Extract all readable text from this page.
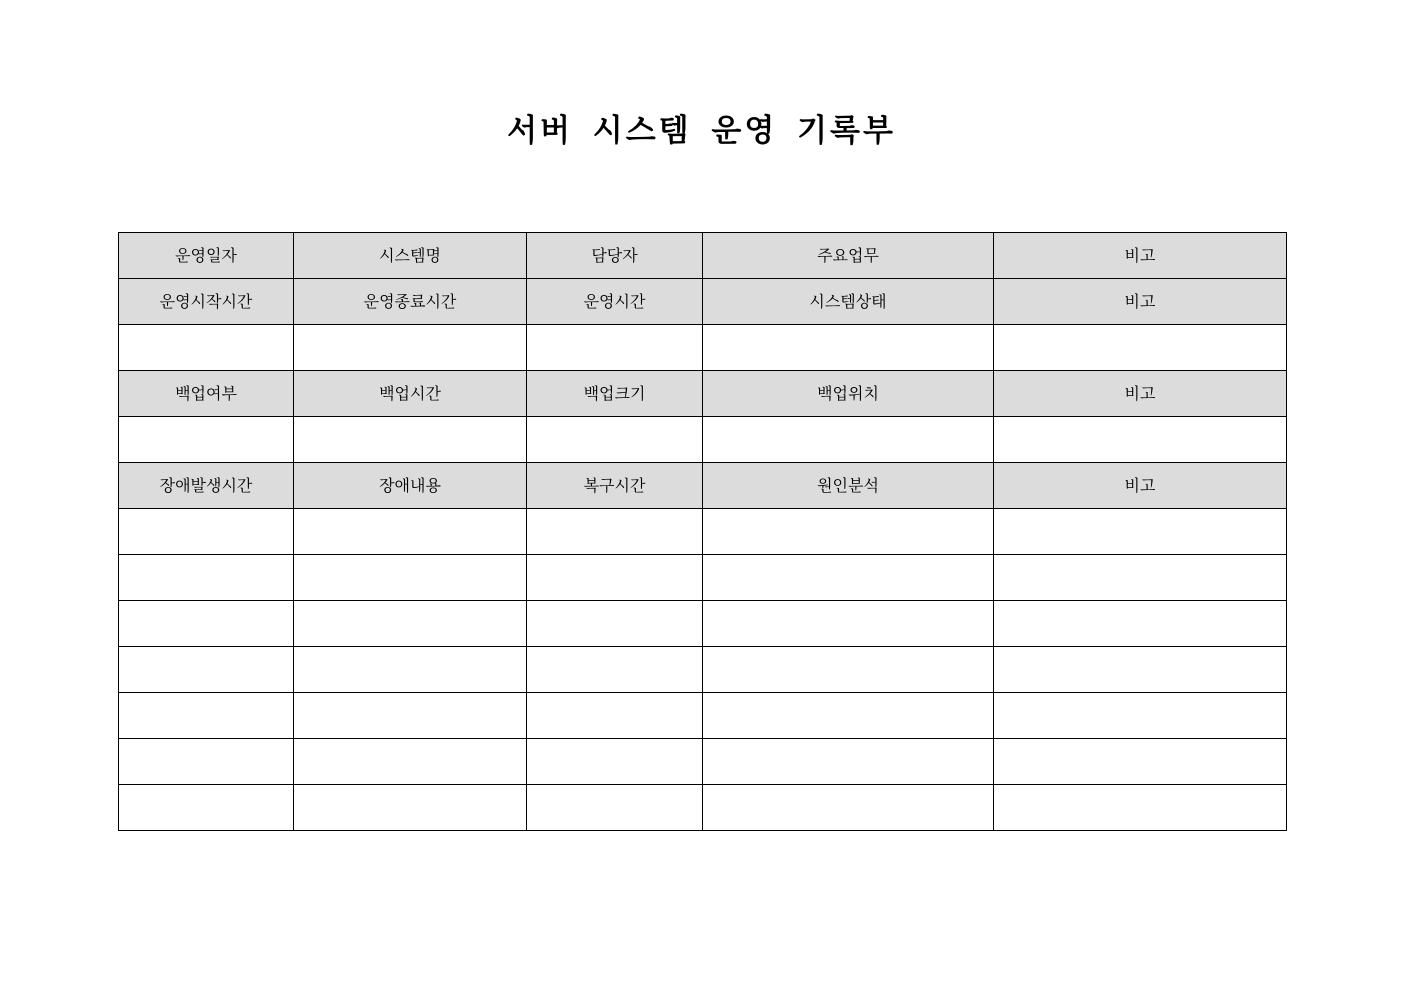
서버 시스템 운영 기록부
운영일자	시스템명	담당자	주요업무	비고
운영시작시간	운영종료시간	운영시간	시스템상태	비고

백업여부	백업시간	백업크기	백업위치	비고

장애발생시간	장애내용	복구시간	원인분석	비고
